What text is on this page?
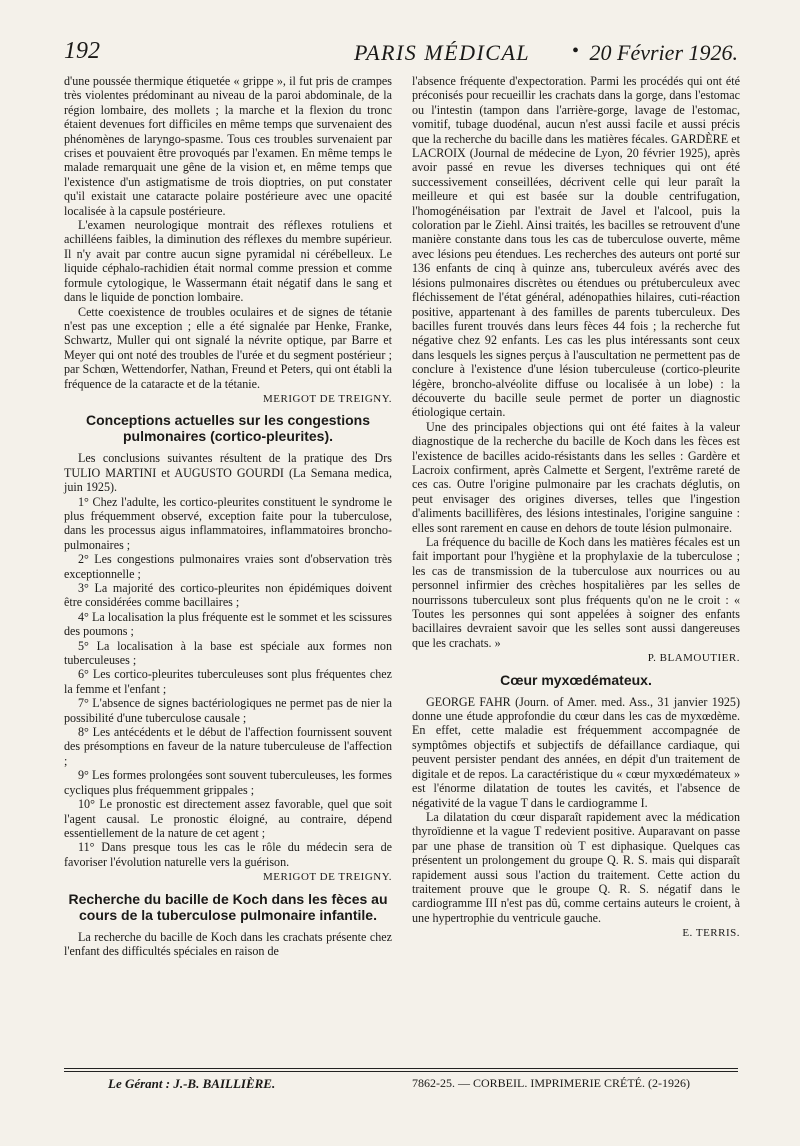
192	PARIS MÉDICAL • 20 Février 1926.

d'une poussée thermique étiquetée « grippe », il fut pris de crampes très violentes prédominant au niveau de la paroi abdominale, de la région lombaire, des mollets ; la marche et la flexion du tronc étaient devenues fort difficiles en même temps que survenaient des phénomènes de laryngo-spasme. Tous ces troubles survenaient par crises et pouvaient être provoqués par l'examen. En même temps le malade remarquait une gêne de la vision et, en même temps que l'existence d'un astigmatisme de trois dioptries, on put constater qu'il existait une cataracte polaire postérieure avec une opacité localisée à la capsule postérieure.

L'examen neurologique montrait des réflexes rotuliens et achilléens faibles, la diminution des réflexes du membre supérieur. Il n'y avait par contre aucun signe pyramidal ni cérébelleux. Le liquide céphalo-rachidien était normal comme pression et comme formule cytologique, le Wassermann était négatif dans le sang et dans le liquide de ponction lombaire.

Cette coexistence de troubles oculaires et de signes de tétanie n'est pas une exception ; elle a été signalée par Henke, Franke, Schwartz, Muller qui ont signalé la névrite optique, par Barre et Meyer qui ont noté des troubles de l'urée et du segment postérieur ; par Schœn, Wettendorfer, Nathan, Freund et Peters, qui ont établi la fréquence de la cataracte et de la tétanie.

MERIGOT DE TREIGNY.
Conceptions actuelles sur les congestions pulmonaires (cortico-pleurites).

Les conclusions suivantes résultent de la pratique des Drs TULIO MARTINI et AUGUSTO GOURDI (La Semana medica, juin 1925).

1° Chez l'adulte, les cortico-pleurites constituent le syndrome le plus fréquemment observé, exception faite pour la tuberculose, dans les processus aigus inflammatoires, inflammatoires broncho-pulmonaires ;

2° Les congestions pulmonaires vraies sont d'observation très exceptionnelle ;

3° La majorité des cortico-pleurites non épidémiques doivent être considérées comme bacillaires ;

4° La localisation la plus fréquente est le sommet et les scissures des poumons ;

5° La localisation à la base est spéciale aux formes non tuberculeuses ;

6° Les cortico-pleurites tuberculeuses sont plus fréquentes chez la femme et l'enfant ;

7° L'absence de signes bactériologiques ne permet pas de nier la possibilité d'une tuberculose causale ;

8° Les antécédents et le début de l'affection fournissent souvent des présomptions en faveur de la nature tuberculeuse de l'affection ;

9° Les formes prolongées sont souvent tuberculeuses, les formes cycliques plus fréquemment grippales ;

10° Le pronostic est directement assez favorable, quel que soit l'agent causal. Le pronostic éloigné, au contraire, dépend essentiellement de la nature de cet agent ;

11° Dans presque tous les cas le rôle du médecin sera de favoriser l'évolution naturelle vers la guérison.

MERIGOT DE TREIGNY.
Recherche du bacille de Koch dans les fèces au cours de la tuberculose pulmonaire infantile.

La recherche du bacille de Koch dans les crachats présente chez l'enfant des difficultés spéciales en raison de

l'absence fréquente d'expectoration. Parmi les procédés qui ont été préconisés pour recueillir les crachats dans la gorge, dans l'estomac ou l'intestin (tampon dans l'arrière-gorge, lavage de l'estomac, vomitif, tubage duodénal, aucun n'est aussi facile et aussi précis que la recherche du bacille dans les matières fécales. GARDÈRE et LACROIX (Journal de médecine de Lyon, 20 février 1925), après avoir passé en revue les diverses techniques qui ont été successivement conseillées, décrivent celle qui leur paraît la meilleure et qui est basée sur la double centrifugation, l'homogénéisation par l'extrait de Javel et l'alcool, puis la coloration par le Ziehl. Ainsi traités, les bacilles se retrouvent d'une manière constante dans tous les cas de tuberculose ouverte, même avec lésions peu étendues. Les recherches des auteurs ont porté sur 136 enfants de cinq à quinze ans, tuberculeux avérés avec des lésions pulmonaires discrètes ou étendues ou prétuberculeux avec fléchissement de l'état général, adénopathies hilaires, cuti-réaction positive, appartenant à des familles de parents tuberculeux. Des bacilles furent trouvés dans leurs fèces 44 fois ; la recherche fut négative chez 92 enfants. Les cas les plus intéressants sont ceux dans lesquels les signes perçus à l'auscultation ne permettent pas de conclure à l'existence d'une lésion tuberculeuse (cortico-pleurite légère, broncho-alvéolite diffuse ou localisée à un lobe) : la découverte du bacille seule permet de porter un diagnostic étiologique certain.

Une des principales objections qui ont été faites à la valeur diagnostique de la recherche du bacille de Koch dans les fèces est l'existence de bacilles acido-résistants dans les selles : Gardère et Lacroix confirment, après Calmette et Sergent, l'extrême rareté de ces cas. Outre l'origine pulmonaire par les crachats déglutis, on peut envisager des origines diverses, telles que l'ingestion d'aliments bacillifères, des lésions intestinales, l'origine sanguine : elles sont rarement en cause en dehors de toute lésion pulmonaire.

La fréquence du bacille de Koch dans les matières fécales est un fait important pour l'hygiène et la prophylaxie de la tuberculose ; les cas de transmission de la tuberculose aux nourrices ou au personnel infirmier des crèches hospitalières par les selles de nourrissons tuberculeux sont plus fréquents qu'on ne le croit : « Toutes les personnes qui sont appelées à soigner des enfants bacillaires devraient savoir que les selles sont aussi dangereuses que les crachats. »

P. BLAMOUTIER.
Cœur myxœdémateux.

GEORGE FAHR (Journ. of Amer. med. Ass., 31 janvier 1925) donne une étude approfondie du cœur dans les cas de myxœdème. En effet, cette maladie est fréquemment accompagnée de symptômes objectifs et subjectifs de défaillance cardiaque, qui peuvent persister pendant des années, en dépit d'un traitement de digitale et de repos. La caractéristique du « cœur myxœdémateux » est l'énorme dilatation de toutes les cavités, et l'absence de négativité de la vague T dans le cardiogramme I.

La dilatation du cœur disparaît rapidement avec la médication thyroïdienne et la vague T redevient positive. Auparavant on passe par une phase de transition où T est diphasique. Quelques cas présentent un prolongement du groupe Q. R. S. mais qui disparaît rapidement aussi sous l'action du traitement. Cette action du traitement prouve que le groupe Q. R. S. négatif dans le cardiogramme III n'est pas dû, comme certains auteurs le croient, à une hypertrophie du ventricule gauche.

E. TERRIS.
Le Gérant : J.-B. BAILLIÈRE.	7862-25. — CORBEIL. IMPRIMERIE CRÉTÉ. (2-1926)
